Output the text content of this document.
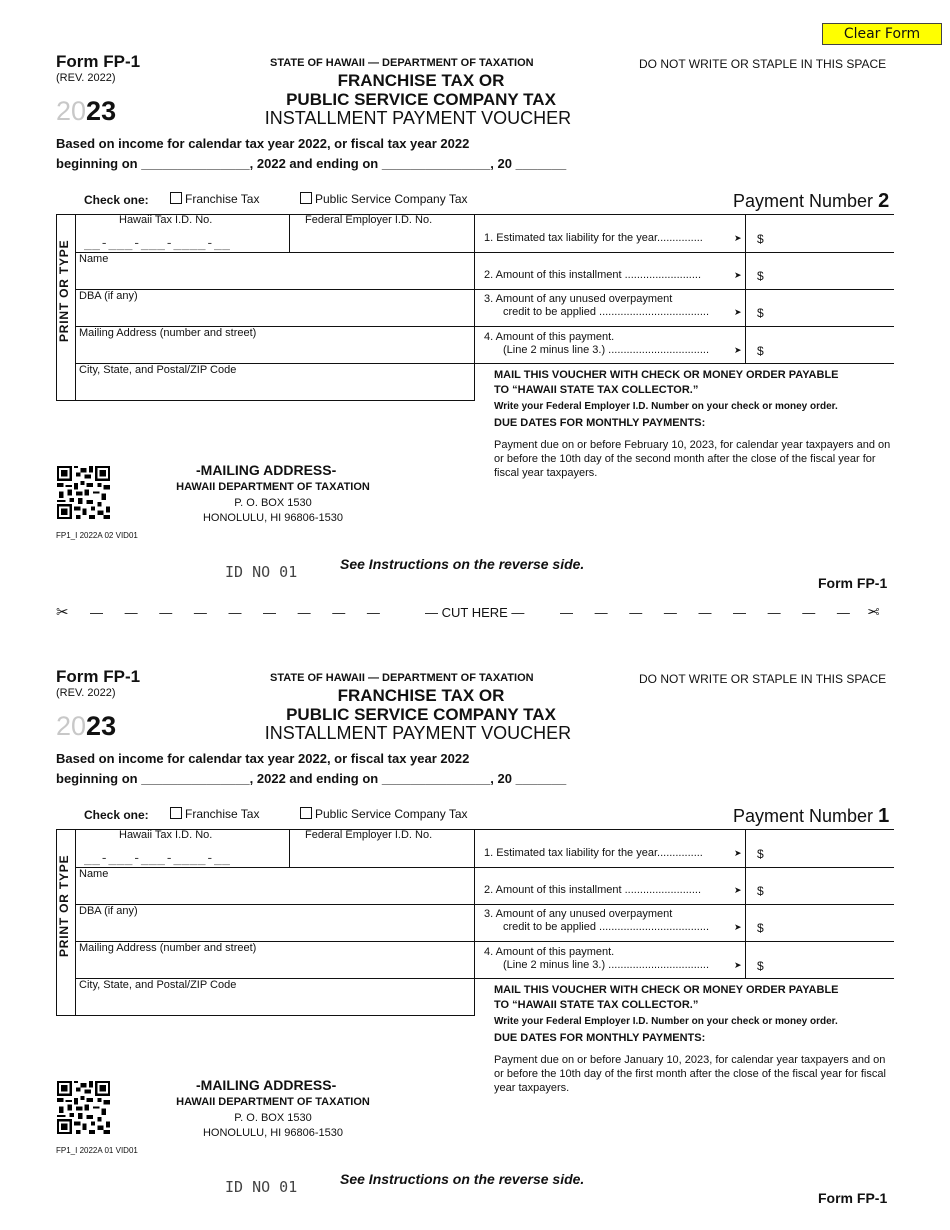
Clear Form
Form FP-1
(REV. 2022)
2023
STATE OF HAWAII — DEPARTMENT OF TAXATION
FRANCHISE TAX OR
PUBLIC SERVICE COMPANY TAX
INSTALLMENT PAYMENT VOUCHER
DO NOT WRITE OR STAPLE IN THIS SPACE
Based on income for calendar tax year 2022, or fiscal tax year 2022
beginning on _______________, 2022 and ending on _______________, 20 _______
Check one:	Franchise Tax	Public Service Company Tax	Payment Number 2
PRINT OR TYPE
Hawaii Tax I.D. No.
__-___-___-____-__
Federal Employer I.D. No.
Name
DBA (if any)
Mailing Address (number and street)
City, State, and Postal/ZIP Code
1. Estimated tax liability for the year...............	➤ $
2. Amount of this installment .........................	➤ $
3. Amount of any unused overpayment
credit to be applied ....................................	➤ $
4. Amount of this payment.
(Line 2 minus line 3.) .................................	➤ $
MAIL THIS VOUCHER WITH CHECK OR MONEY ORDER PAYABLE
TO “HAWAII STATE TAX COLLECTOR.”
Write your Federal Employer I.D. Number on your check or money order.
DUE DATES FOR MONTHLY PAYMENTS:
Payment due on or before February 10, 2023, for calendar year taxpayers and on or before the 10th day of the second month after the close of the fiscal year for fiscal year taxpayers.
-MAILING ADDRESS-
HAWAII DEPARTMENT OF TAXATION
P. O. BOX 1530
HONOLULU, HI 96806-1530
FP1_I 2022A 02 VID01
ID NO 01	See Instructions on the reverse side.
Form FP-1
✂ — — — — — — — — —	— CUT HERE —	— — — — — — — — — ✂
Form FP-1
(REV. 2022)
2023
STATE OF HAWAII — DEPARTMENT OF TAXATION
FRANCHISE TAX OR
PUBLIC SERVICE COMPANY TAX
INSTALLMENT PAYMENT VOUCHER
DO NOT WRITE OR STAPLE IN THIS SPACE
Based on income for calendar tax year 2022, or fiscal tax year 2022
beginning on _______________, 2022 and ending on _______________, 20 _______
Check one:	Franchise Tax	Public Service Company Tax	Payment Number 1
PRINT OR TYPE
Hawaii Tax I.D. No.
__-___-___-____-__
Federal Employer I.D. No.
Name
DBA (if any)
Mailing Address (number and street)
City, State, and Postal/ZIP Code
1. Estimated tax liability for the year...............	➤ $
2. Amount of this installment .........................	➤ $
3. Amount of any unused overpayment
credit to be applied ....................................	➤ $
4. Amount of this payment.
(Line 2 minus line 3.) .................................	➤ $
MAIL THIS VOUCHER WITH CHECK OR MONEY ORDER PAYABLE
TO “HAWAII STATE TAX COLLECTOR.”
Write your Federal Employer I.D. Number on your check or money order.
DUE DATES FOR MONTHLY PAYMENTS:
Payment due on or before January 10, 2023, for calendar year taxpayers and on or before the 10th day of the first month after the close of the fiscal year for fiscal year taxpayers.
-MAILING ADDRESS-
HAWAII DEPARTMENT OF TAXATION
P. O. BOX 1530
HONOLULU, HI 96806-1530
FP1_I 2022A 01 VID01
ID NO 01	See Instructions on the reverse side.
Form FP-1
